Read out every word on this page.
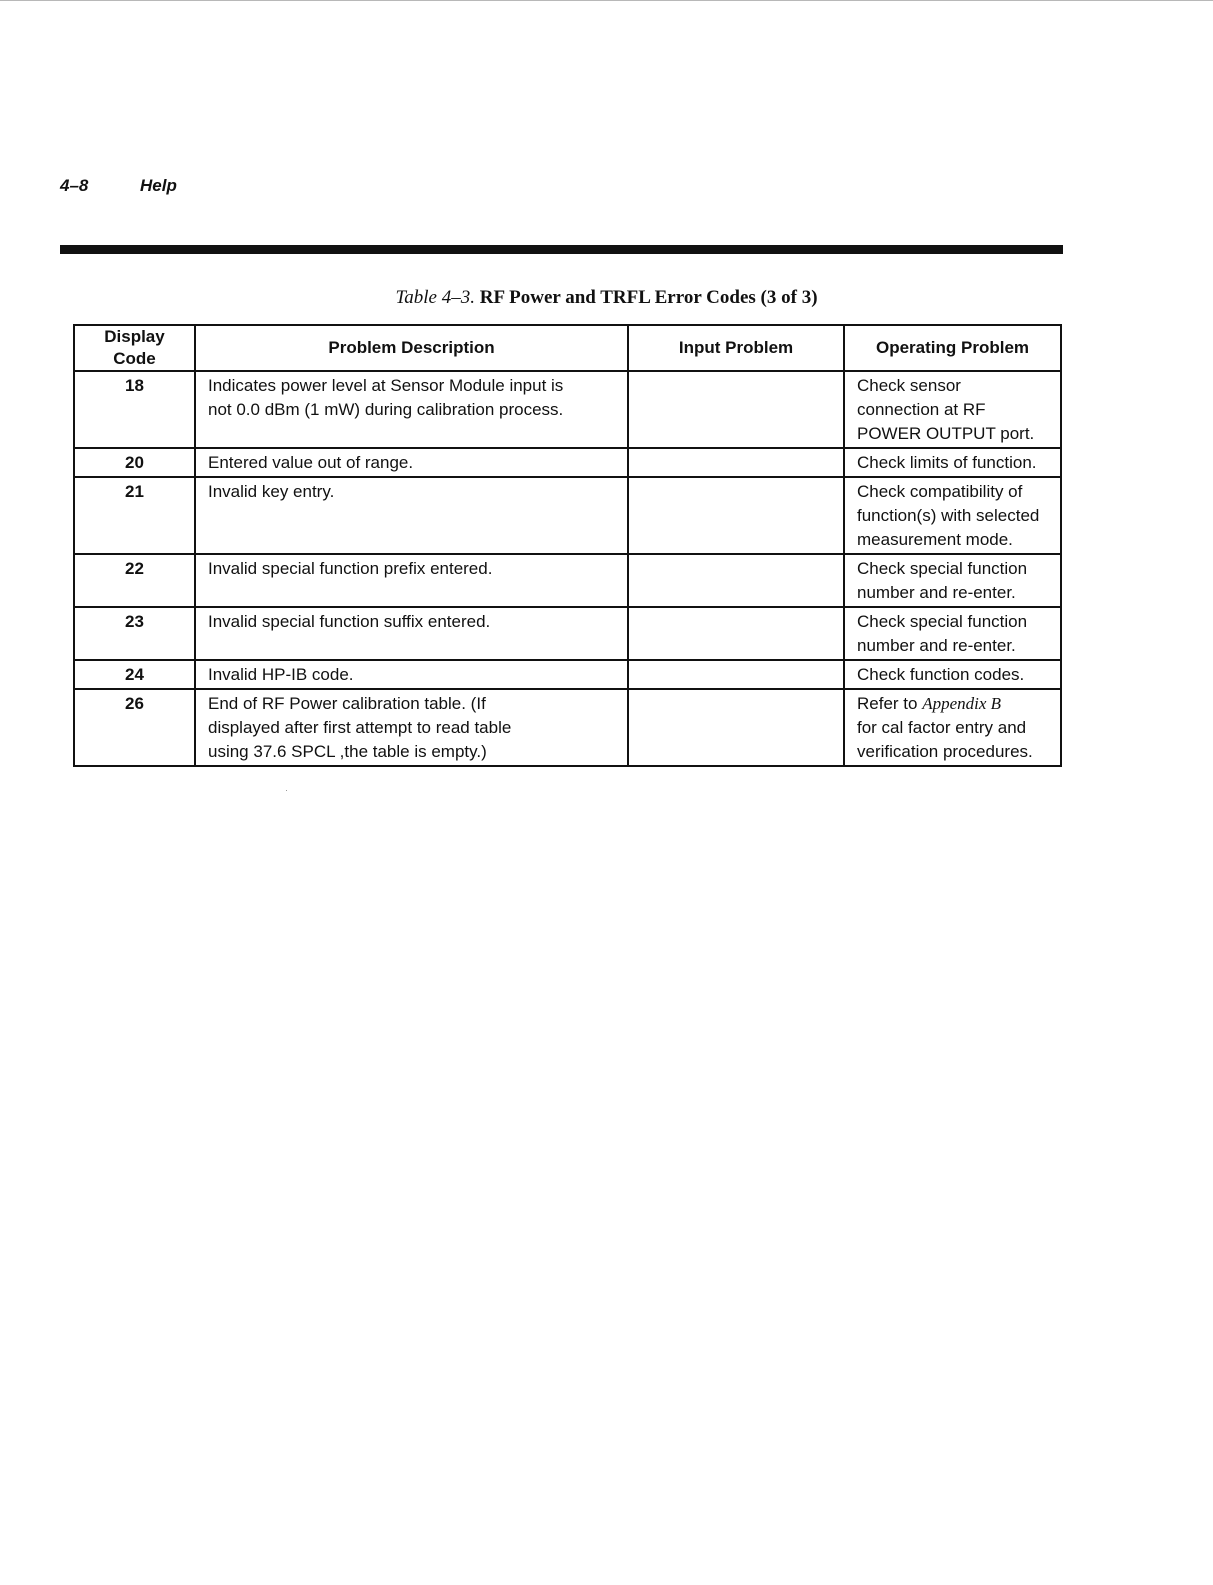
4–8	Help
Table 4–3. RF Power and TRFL Error Codes (3 of 3)
Display
Code	Problem Description	Input Problem	Operating Problem
18	Indicates power level at Sensor Module input is
not 0.0 dBm (1 mW) during calibration process.		Check sensor
connection at RF
POWER OUTPUT port.
20	Entered value out of range.		Check limits of function.
21	Invalid key entry.		Check compatibility of
function(s) with selected
measurement mode.
22	Invalid special function prefix entered.		Check special function
number and re-enter.
23	Invalid special function suffix entered.		Check special function
number and re-enter.
24	Invalid HP-IB code.		Check function codes.
26	End of RF Power calibration table. (If
displayed after first attempt to read table
using 37.6 SPCL ,the table is empty.)		Refer to Appendix B
for cal factor entry and
verification procedures.
